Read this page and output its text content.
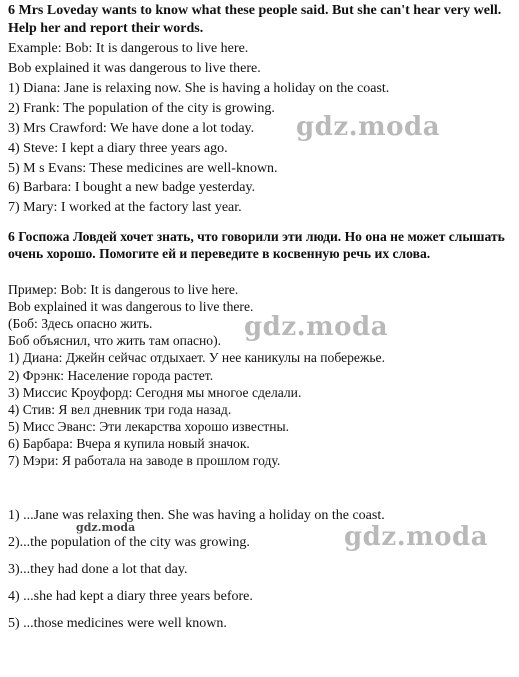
6 Mrs Loveday wants to know what these people said. But she can't hear very well. Help her and report their words.
Example: Bob: It is dangerous to live here.
Bob explained it was dangerous to live there.
1) Diana: Jane is relaxing now. She is having a holiday on the coast.
2) Frank: The population of the city is growing.
3) Mrs Crawford: We have done a lot today.
4) Steve: I kept a diary three years ago.
5) M s Evans: These medicines are well-known.
6) Barbara: I bought a new badge yesterday.
7) Mary: I worked at the factory last year.
gdz.moda
6 Госпожа Ловдей хочет знать, что говорили эти люди. Но она не может слышать очень хорошо. Помогите ей и переведите в косвенную речь их слова.
Пример: Bob: It is dangerous to live here.
Bob explained it was dangerous to live there.
(Боб: Здесь опасно жить.
Боб объяснил, что жить там опасно).
1) Диана: Джейн сейчас отдыхает. У нее каникулы на побережье.
2) Фрэнк: Население города растет.
3) Миссис Кроуфорд: Сегодня мы многое сделали.
4) Стив: Я вел дневник три года назад.
5) Мисс Эванс: Эти лекарства хорошо известны.
6) Барбара: Вчера я купила новый значок.
7) Мэри: Я работала на заводе в прошлом году.
gdz.moda
1) ...Jane was relaxing then. She was having a holiday on the coast.
gdz.moda
2)...the population of the city was growing.
3)...they had done a lot that day.
4) ...she had kept a diary three years before.
5) ...those medicines were well known.
gdz.moda
